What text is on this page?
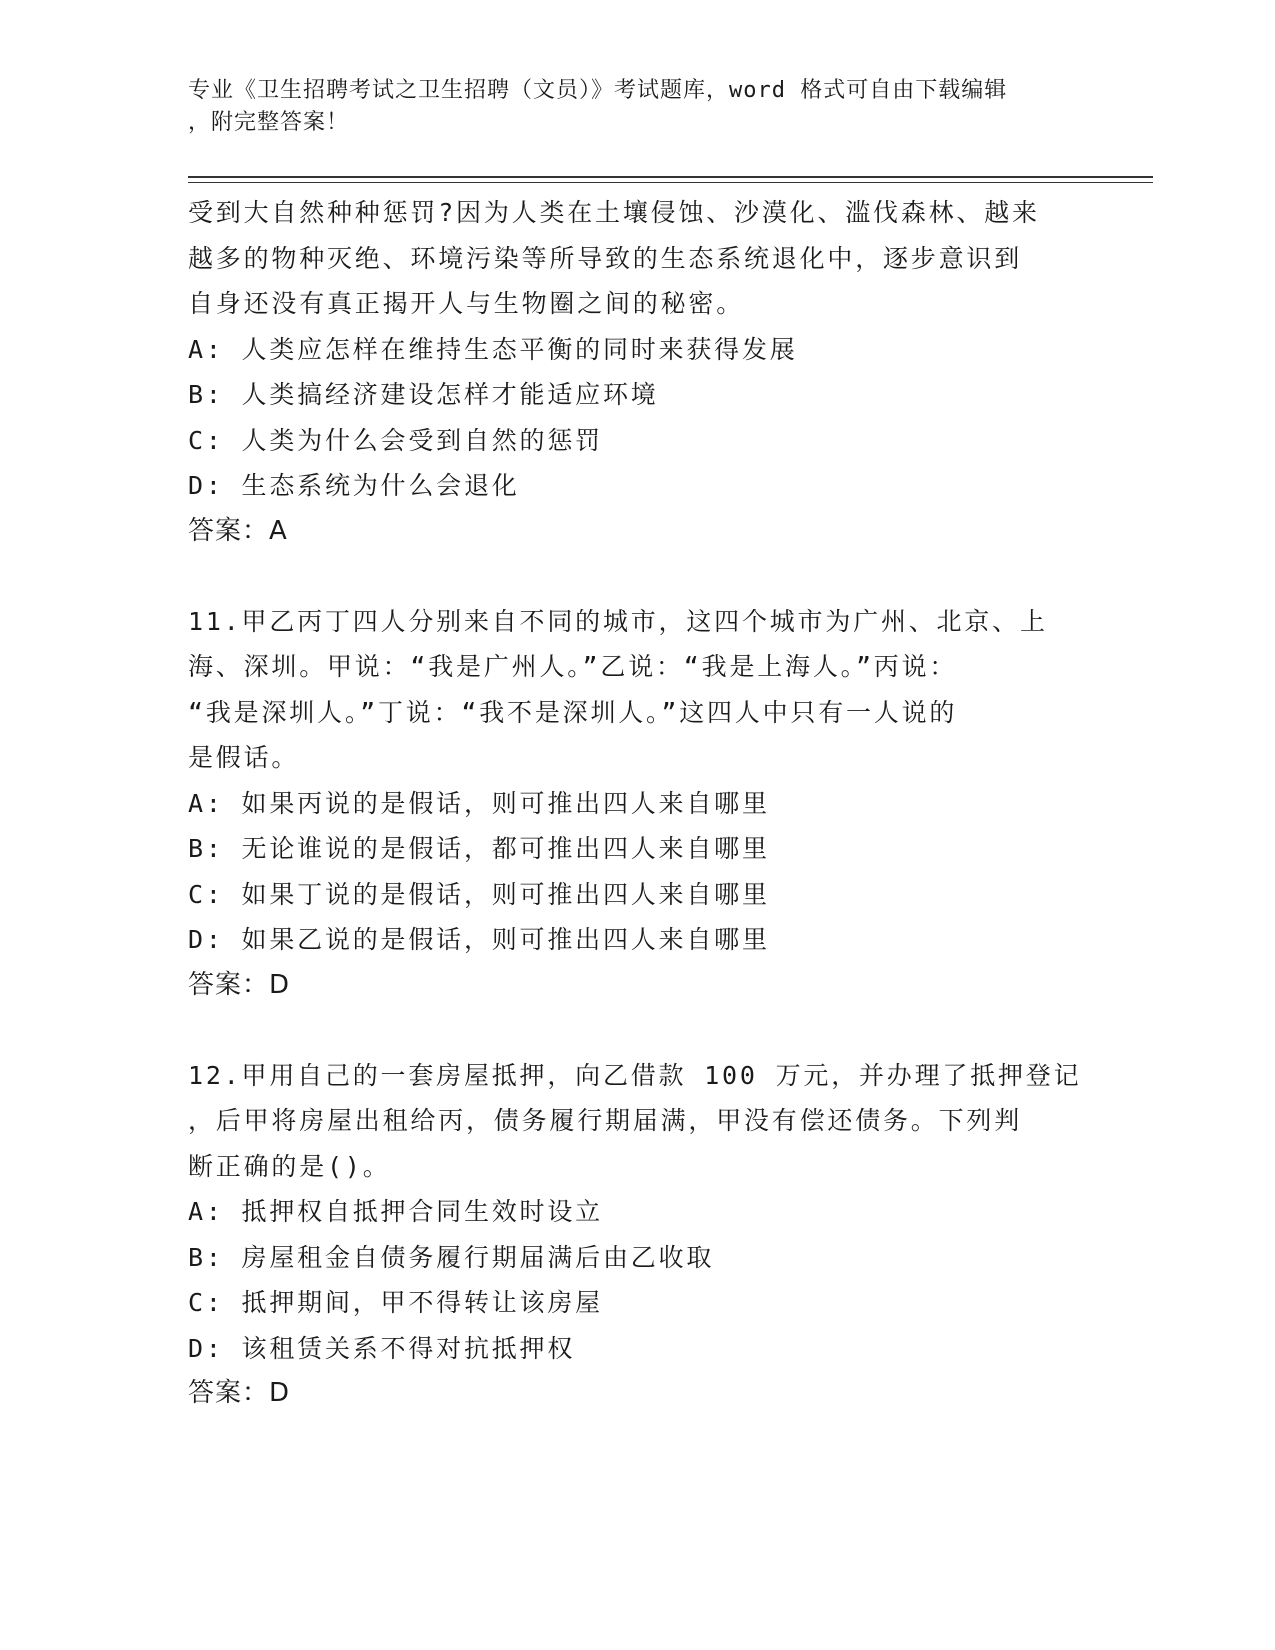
专业《卫生招聘考试之卫生招聘（文员）》考试题库，word 格式可自由下载编辑
，附完整答案！
受到大自然种种惩罚?因为人类在土壤侵蚀、沙漠化、滥伐森林、越来
越多的物种灭绝、环境污染等所导致的生态系统退化中，逐步意识到
自身还没有真正揭开人与生物圈之间的秘密。
A: 人类应怎样在维持生态平衡的同时来获得发展
B: 人类搞经济建设怎样才能适应环境
C: 人类为什么会受到自然的惩罚
D: 生态系统为什么会退化
答案：A
11.甲乙丙丁四人分别来自不同的城市，这四个城市为广州、北京、上
海、深圳。甲说：“我是广州人。”乙说：“我是上海人。”丙说：
“我是深圳人。”丁说：“我不是深圳人。”这四人中只有一人说的
是假话。
A: 如果丙说的是假话，则可推出四人来自哪里
B: 无论谁说的是假话，都可推出四人来自哪里
C: 如果丁说的是假话，则可推出四人来自哪里
D: 如果乙说的是假话，则可推出四人来自哪里
答案：D
12.甲用自己的一套房屋抵押，向乙借款 100 万元，并办理了抵押登记
，后甲将房屋出租给丙，债务履行期届满，甲没有偿还债务。下列判
断正确的是()。
A: 抵押权自抵押合同生效时设立
B: 房屋租金自债务履行期届满后由乙收取
C: 抵押期间，甲不得转让该房屋
D: 该租赁关系不得对抗抵押权
答案：D
